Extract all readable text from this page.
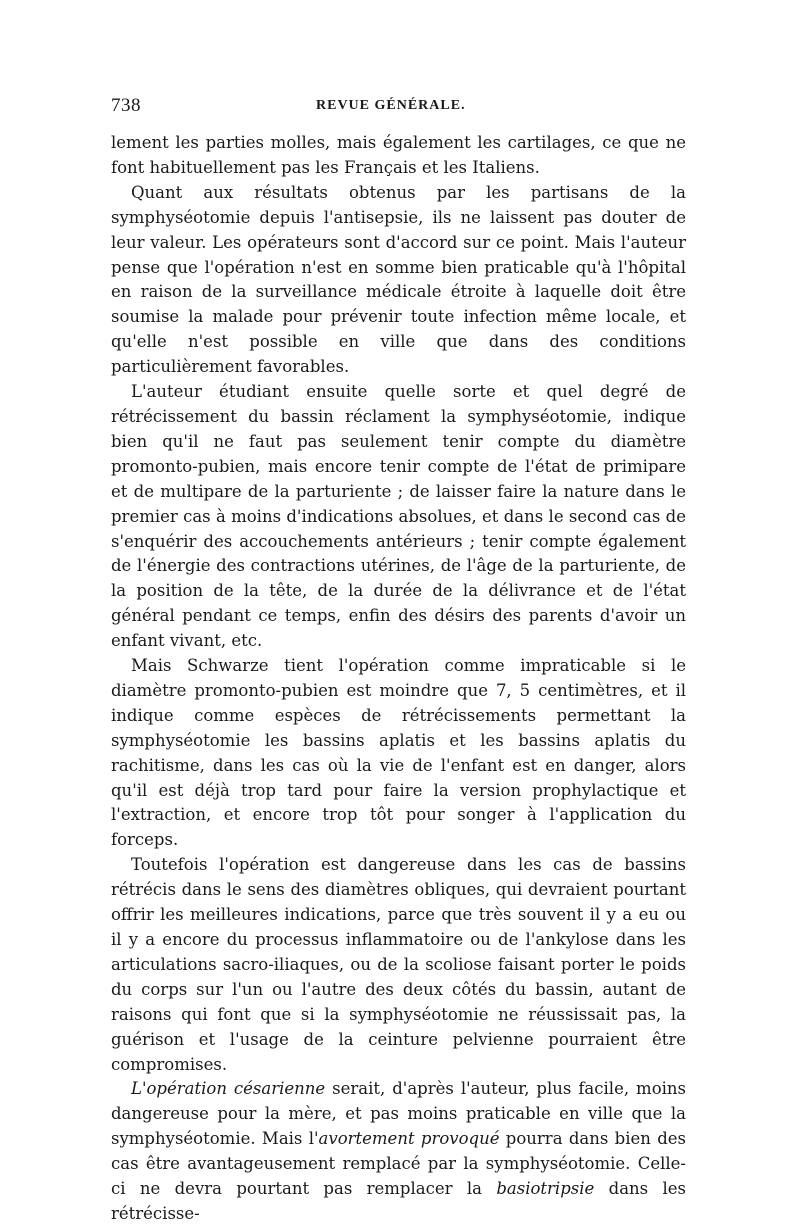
738	REVUE GÉNÉRALE.

lement les parties molles, mais également les cartilages, ce que ne font habituellement pas les Français et les Italiens.

Quant aux résultats obtenus par les partisans de la symphyséotomie depuis l'antisepsie, ils ne laissent pas douter de leur valeur. Les opérateurs sont d'accord sur ce point. Mais l'auteur pense que l'opération n'est en somme bien praticable qu'à l'hôpital en raison de la surveillance médicale étroite à laquelle doit être soumise la malade pour prévenir toute infection même locale, et qu'elle n'est possible en ville que dans des conditions particulièrement favorables.

L'auteur étudiant ensuite quelle sorte et quel degré de rétrécissement du bassin réclament la symphyséotomie, indique bien qu'il ne faut pas seulement tenir compte du diamètre promonto-pubien, mais encore tenir compte de l'état de primipare et de multipare de la parturiente ; de laisser faire la nature dans le premier cas à moins d'indications absolues, et dans le second cas de s'enquérir des accouchements antérieurs ; tenir compte également de l'énergie des contractions utérines, de l'âge de la parturiente, de la position de la tête, de la durée de la délivrance et de l'état général pendant ce temps, enfin des désirs des parents d'avoir un enfant vivant, etc.

Mais Schwarze tient l'opération comme impraticable si le diamètre promonto-pubien est moindre que 7, 5 centimètres, et il indique comme espèces de rétrécissements permettant la symphyséotomie les bassins aplatis et les bassins aplatis du rachitisme, dans les cas où la vie de l'enfant est en danger, alors qu'il est déjà trop tard pour faire la version prophylactique et l'extraction, et encore trop tôt pour songer à l'application du forceps.

Toutefois l'opération est dangereuse dans les cas de bassins rétrécis dans le sens des diamètres obliques, qui devraient pourtant offrir les meilleures indications, parce que très souvent il y a eu ou il y a encore du processus inflammatoire ou de l'ankylose dans les articulations sacro-iliaques, ou de la scoliose faisant porter le poids du corps sur l'un ou l'autre des deux côtés du bassin, autant de raisons qui font que si la symphyséotomie ne réussissait pas, la guérison et l'usage de la ceinture pelvienne pourraient être compromises.

L'opération césarienne serait, d'après l'auteur, plus facile, moins dangereuse pour la mère, et pas moins praticable en ville que la symphyséotomie. Mais l'avortement provoqué pourra dans bien des cas être avantageusement remplacé par la symphyséotomie. Celle-ci ne devra pourtant pas remplacer la basiotripsie dans les rétrécisse-
